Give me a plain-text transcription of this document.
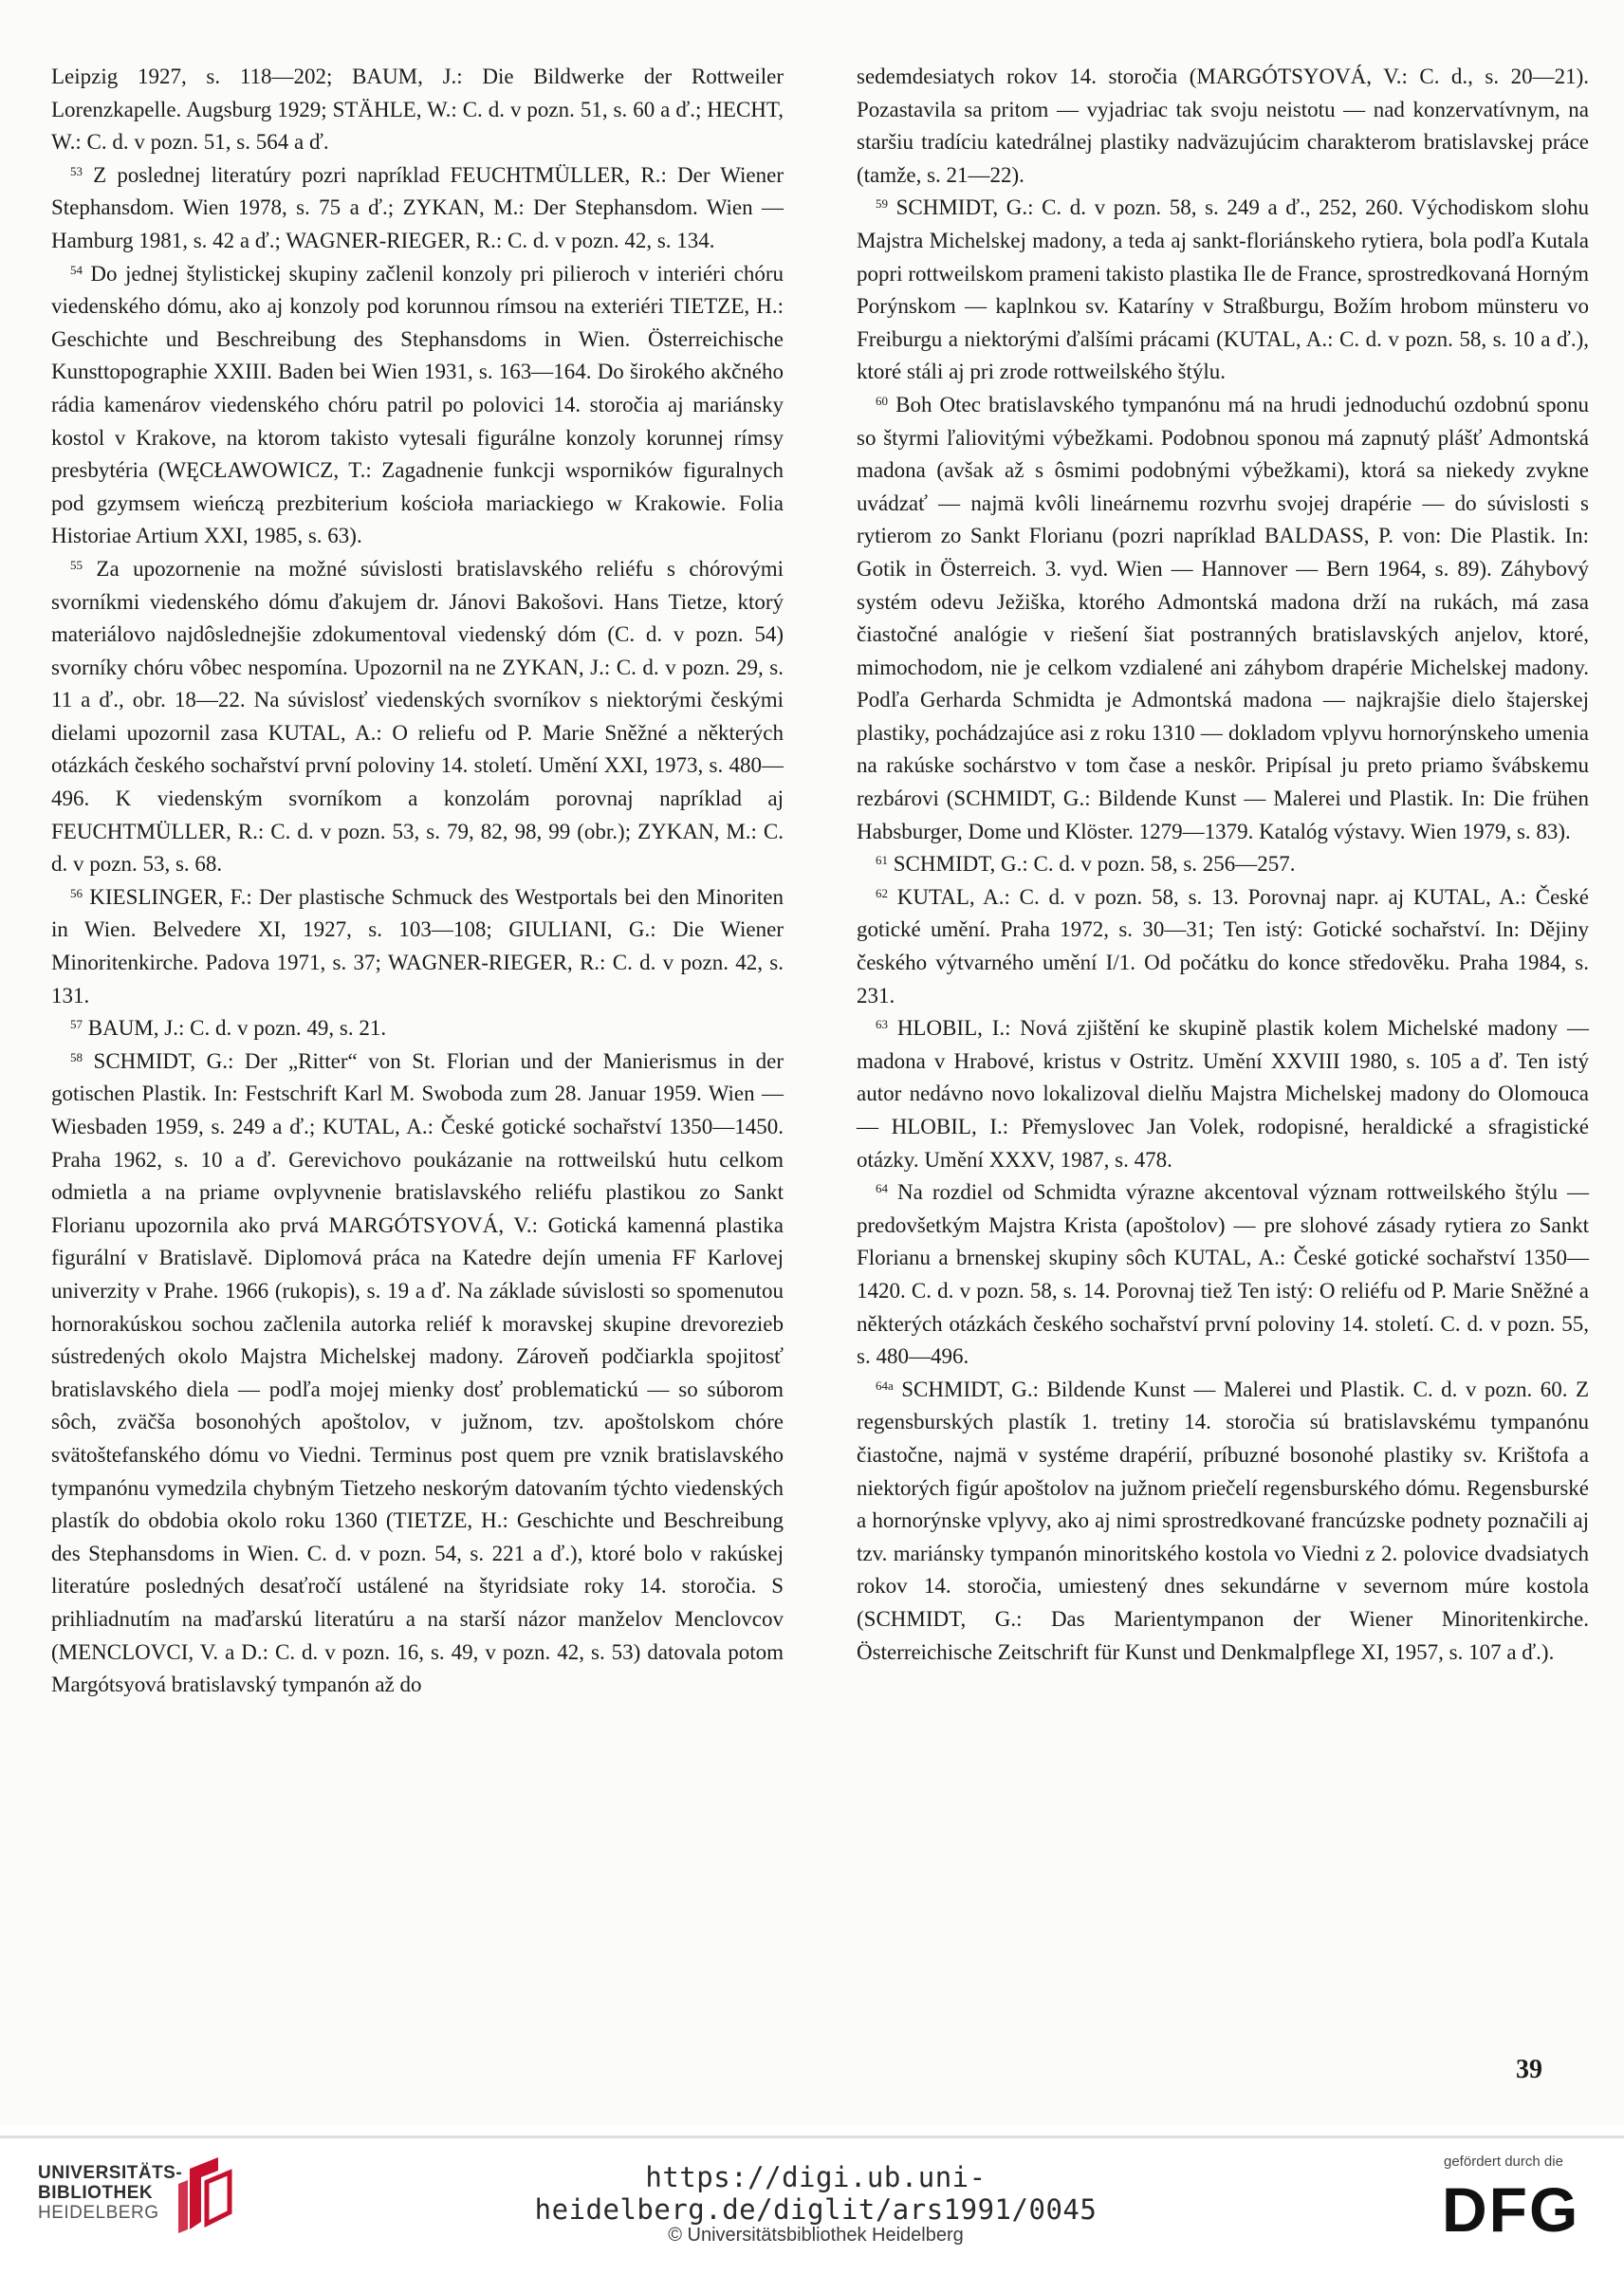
Leipzig 1927, s. 118—202; BAUM, J.: Die Bildwerke der Rottweiler Lorenzkapelle. Augsburg 1929; STÄHLE, W.: C. d. v pozn. 51, s. 60 a ď.; HECHT, W.: C. d. v pozn. 51, s. 564 a ď.

$^{53}$ Z poslednej literatúry pozri napríklad FEUCHTMÜLLER, R.: Der Wiener Stephansdom. Wien 1978, s. 75 a ď.; ZYKAN, M.: Der Stephansdom. Wien — Hamburg 1981, s. 42 a ď.; WAGNER-RIEGER, R.: C. d. v pozn. 42, s. 134.

$^{54}$ Do jednej štylistickej skupiny začlenil konzoly pri pilieroch v interiéri chóru viedenského dómu, ako aj konzoly pod korunnou rímsou na exteriéri TIETZE, H.: Geschichte und Beschreibung des Stephansdoms in Wien. Österreichische Kunsttopographie XXIII. Baden bei Wien 1931, s. 163—164. Do širokého akčného rádia kamenárov viedenského chóru patril po polovici 14. storočia aj mariánsky kostol v Krakove, na ktorom takisto vytesali figurálne konzoly korunnej rímsy presbytéria (WĘCŁAWOWICZ, T.: Zagadnenie funkcji wsporników figuralnych pod gzymsem wieńczą prezbiterium kościoła mariackiego w Krakowie. Folia Historiae Artium XXI, 1985, s. 63).

$^{55}$ Za upozornenie na možné súvislosti bratislavského reliéfu s chórovými svorníkmi viedenského dómu ďakujem dr. Jánovi Bakošovi. Hans Tietze, ktorý materiálovo najdôslednejšie zdokumentoval viedenský dóm (C. d. v pozn. 54) svorníky chóru vôbec nespomína. Upozornil na ne ZYKAN, J.: C. d. v pozn. 29, s. 11 a ď., obr. 18—22. Na súvislosť viedenských svorníkov s niektorými českými dielami upozornil zasa KUTAL, A.: O reliefu od P. Marie Sněžné a některých otázkách českého sochařství první poloviny 14. století. Umění XXI, 1973, s. 480—496. K viedenským svorníkom a konzolám porovnaj napríklad aj FEUCHTMÜLLER, R.: C. d. v pozn. 53, s. 79, 82, 98, 99 (obr.); ZYKAN, M.: C. d. v pozn. 53, s. 68.

$^{56}$ KIESLINGER, F.: Der plastische Schmuck des Westportals bei den Minoriten in Wien. Belvedere XI, 1927, s. 103—108; GIULIANI, G.: Die Wiener Minoritenkirche. Padova 1971, s. 37; WAGNER-RIEGER, R.: C. d. v pozn. 42, s. 131.

$^{57}$ BAUM, J.: C. d. v pozn. 49, s. 21.

$^{58}$ SCHMIDT, G.: Der „Ritter“ von St. Florian und der Manierismus in der gotischen Plastik. In: Festschrift Karl M. Swoboda zum 28. Januar 1959. Wien — Wiesbaden 1959, s. 249 a ď.; KUTAL, A.: České gotické sochařství 1350—1450. Praha 1962, s. 10 a ď. Gerevichovo poukázanie na rottweilskú hutu celkom odmietla a na priame ovplyvnenie bratislavského reliéfu plastikou zo Sankt Florianu upozornila ako prvá MARGÓTSYOVÁ, V.: Gotická kamenná plastika figurální v Bratislavě. Diplomová práca na Katedre dejín umenia FF Karlovej univerzity v Prahe. 1966 (rukopis), s. 19 a ď. Na základe súvislosti so spomenutou hornorakúskou sochou začlenila autorka reliéf k moravskej skupine drevorezieb sústredených okolo Majstra Michelskej madony. Zároveň podčiarkla spojitosť bratislavského diela — podľa mojej mienky dosť problematickú — so súborom sôch, zväčša bosonohých apoštolov, v južnom, tzv. apoštolskom chóre svätoštefanského dómu vo Viedni. Terminus post quem pre vznik bratislavského tympanónu vymedzila chybným Tietzeho neskorým datovaním týchto viedenských plastík do obdobia okolo roku 1360 (TIETZE, H.: Geschichte und Beschreibung des Stephansdoms in Wien. C. d. v pozn. 54, s. 221 a ď.), ktoré bolo v rakúskej literatúre posledných desaťročí ustálené na štyridsiate roky 14. storočia. S prihliadnutím na maďarskú literatúru a na starší názor manželov Menclovcov (MENCLOVCI, V. a D.: C. d. v pozn. 16, s. 49, v pozn. 42, s. 53) datovala potom Margótsyová bratislavský tympanón až do

sedemdesiatych rokov 14. storočia (MARGÓTSYOVÁ, V.: C. d., s. 20—21). Pozastavila sa pritom — vyjadriac tak svoju neistotu — nad konzervatívnym, na staršiu tradíciu katedrálnej plastiky nadväzujúcim charakterom bratislavskej práce (tamže, s. 21—22).

$^{59}$ SCHMIDT, G.: C. d. v pozn. 58, s. 249 a ď., 252, 260. Východiskom slohu Majstra Michelskej madony, a teda aj sankt-floriánskeho rytiera, bola podľa Kutala popri rottweilskom prameni takisto plastika Ile de France, sprostredkovaná Horným Porýnskom — kaplnkou sv. Kataríny v Straßburgu, Božím hrobom münsteru vo Freiburgu a niektorými ďalšími prácami (KUTAL, A.: C. d. v pozn. 58, s. 10 a ď.), ktoré stáli aj pri zrode rottweilského štýlu.

$^{60}$ Boh Otec bratislavského tympanónu má na hrudi jednoduchú ozdobnú sponu so štyrmi ľaliovitými výbežkami. Podobnou sponou má zapnutý plášť Admontská madona (avšak až s ôsmimi podobnými výbežkami), ktorá sa niekedy zvykne uvádzať — najmä kvôli lineárnemu rozvrhu svojej drapérie — do súvislosti s rytierom zo Sankt Florianu (pozri napríklad BALDASS, P. von: Die Plastik. In: Gotik in Österreich. 3. vyd. Wien — Hannover — Bern 1964, s. 89). Záhybový systém odevu Ježiška, ktorého Admontská madona drží na rukách, má zasa čiastočné analógie v riešení šiat postranných bratislavských anjelov, ktoré, mimochodom, nie je celkom vzdialené ani záhybom drapérie Michelskej madony. Podľa Gerharda Schmidta je Admontská madona — najkrajšie dielo štajerskej plastiky, pochádzajúce asi z roku 1310 — dokladom vplyvu hornorýnskeho umenia na rakúske sochárstvo v tom čase a neskôr. Pripísal ju preto priamo švábskemu rezbárovi (SCHMIDT, G.: Bildende Kunst — Malerei und Plastik. In: Die frühen Habsburger, Dome und Klöster. 1279—1379. Katalóg výstavy. Wien 1979, s. 83).

$^{61}$ SCHMIDT, G.: C. d. v pozn. 58, s. 256—257.

$^{62}$ KUTAL, A.: C. d. v pozn. 58, s. 13. Porovnaj napr. aj KUTAL, A.: České gotické umění. Praha 1972, s. 30—31; Ten istý: Gotické sochařství. In: Dějiny českého výtvarného umění I/1. Od počátku do konce středověku. Praha 1984, s. 231.

$^{63}$ HLOBIL, I.: Nová zjištění ke skupině plastik kolem Michelské madony — madona v Hrabové, kristus v Ostritz. Umění XXVIII 1980, s. 105 a ď. Ten istý autor nedávno novo lokalizoval dielňu Majstra Michelskej madony do Olomouca — HLOBIL, I.: Přemyslovec Jan Volek, rodopisné, heraldické a sfragistické otázky. Umění XXXV, 1987, s. 478.

$^{64}$ Na rozdiel od Schmidta výrazne akcentoval význam rottweilského štýlu — predovšetkým Majstra Krista (apoštolov) — pre slohové zásady rytiera zo Sankt Florianu a brnenskej skupiny sôch KUTAL, A.: České gotické sochařství 1350—1420. C. d. v pozn. 58, s. 14. Porovnaj tiež Ten istý: O reliéfu od P. Marie Sněžné a některých otázkách českého sochařství první poloviny 14. století. C. d. v pozn. 55, s. 480—496.

$^{64a}$ SCHMIDT, G.: Bildende Kunst — Malerei und Plastik. C. d. v pozn. 60. Z regensburských plastík 1. tretiny 14. storočia sú bratislavskému tympanónu čiastočne, najmä v systéme drapérií, príbuzné bosonohé plastiky sv. Krištofa a niektorých figúr apoštolov na južnom priečelí regensburského dómu. Regensburské a hornorýnske vplyvy, ako aj nimi sprostredkované francúzske podnety poznačili aj tzv. mariánsky tympanón minoritského kostola vo Viedni z 2. polovice dvadsiatych rokov 14. storočia, umiestený dnes sekundárne v severnom múre kostola (SCHMIDT, G.: Das Marientympanon der Wiener Minoritenkirche. Österreichische Zeitschrift für Kunst und Denkmalpflege XI, 1957, s. 107 a ď.).

39
UNIVERSITÄTS-
BIBLIOTHEK
HEIDELBERG
https://digi.ub.uni-heidelberg.de/diglit/ars1991/0045
© Universitätsbibliothek Heidelberg
gefördert durch die
DFG
